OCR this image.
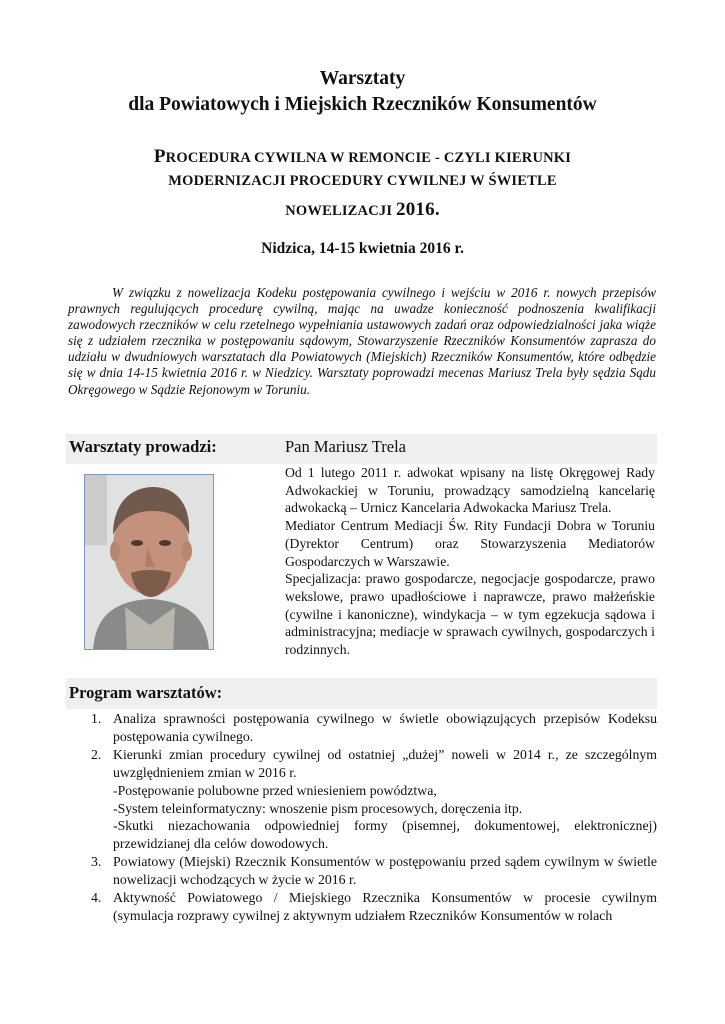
Warsztaty
dla Powiatowych i Miejskich Rzeczników Konsumentów
PROCEDURA CYWILNA W REMONCIE - CZYLI KIERUNKI
MODERNIZACJI PROCEDURY CYWILNEJ W ŚWIETLE
NOWELIZACJI 2016.
Nidzica, 14-15 kwietnia 2016 r.

W związku z nowelizacja Kodeku postępowania cywilnego i wejściu w 2016 r. nowych przepisów prawnych regulujących procedurę cywilną, mając na uwadze konieczność podnoszenia kwalifikacji zawodowych rzeczników w celu rzetelnego wypełniania ustawowych zadań oraz odpowiedzialności jaka wiąże się z udziałem rzecznika w postępowaniu sądowym, Stowarzyszenie Rzeczników Konsumentów zaprasza do udziału w dwudniowych warsztatach dla Powiatowych (Miejskich) Rzeczników Konsumentów, które odbędzie się w dnia 14-15 kwietnia 2016 r. w Niedzicy. Warsztaty poprowadzi mecenas Mariusz Trela były sędzia Sądu Okręgowego w Sądzie Rejonowym w Toruniu.

Warsztaty prowadzi:	Pan Mariusz Trela

Od 1 lutego 2011 r. adwokat wpisany na listę Okręgowej Rady Adwokackiej w Toruniu, prowadzący samodzielną kancelarię adwokacką – Urnicz Kancelaria Adwokacka Mariusz Trela.

Mediator Centrum Mediacji Św. Rity Fundacji Dobra w Toruniu (Dyrektor Centrum) oraz Stowarzyszenia Mediatorów Gospodarczych w Warszawie.

Specjalizacja: prawo gospodarcze, negocjacje gospodarcze, prawo wekslowe, prawo upadłościowe i naprawcze, prawo małżeńskie (cywilne i kanoniczne), windykacja – w tym egzekucja sądowa i administracyjna; mediacje w sprawach cywilnych, gospodarczych i rodzinnych.

Program warsztatów:
1. Analiza sprawności postępowania cywilnego w świetle obowiązujących przepisów Kodeksu postępowania cywilnego.
2. Kierunki zmian procedury cywilnej od ostatniej „dużej” noweli w 2014 r., ze szczególnym uwzględnieniem zmian w 2016 r.
-Postępowanie polubowne przed wniesieniem powództwa,
-System teleinformatyczny: wnoszenie pism procesowych, doręczenia itp.
-Skutki niezachowania odpowiedniej formy (pisemnej, dokumentowej, elektronicznej) przewidzianej dla celów dowodowych.
3. Powiatowy (Miejski) Rzecznik Konsumentów w postępowaniu przed sądem cywilnym w świetle nowelizacji wchodzących w życie w 2016 r.
4. Aktywność Powiatowego / Miejskiego Rzecznika Konsumentów w procesie cywilnym (symulacja rozprawy cywilnej z aktywnym udziałem Rzeczników Konsumentów w rolach
